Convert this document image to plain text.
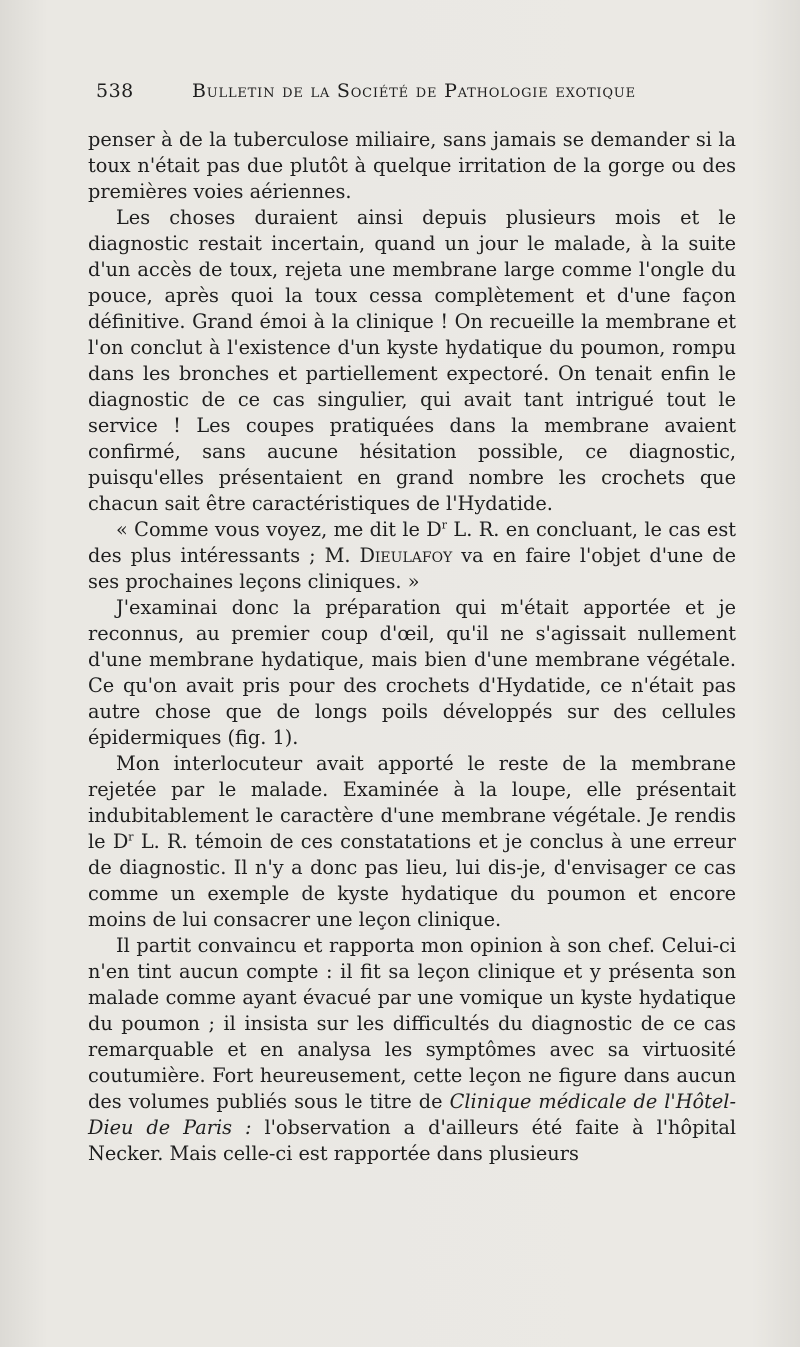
538	Bulletin de la Société de Pathologie exotique

penser à de la tuberculose miliaire, sans jamais se demander si la toux n'était pas due plutôt à quelque irritation de la gorge ou des premières voies aériennes.

Les choses duraient ainsi depuis plusieurs mois et le diagnostic restait incertain, quand un jour le malade, à la suite d'un accès de toux, rejeta une membrane large comme l'ongle du pouce, après quoi la toux cessa complètement et d'une façon définitive. Grand émoi à la clinique ! On recueille la membrane et l'on conclut à l'existence d'un kyste hydatique du poumon, rompu dans les bronches et partiellement expectoré. On tenait enfin le diagnostic de ce cas singulier, qui avait tant intrigué tout le service ! Les coupes pratiquées dans la membrane avaient confirmé, sans aucune hésitation possible, ce diagnostic, puisqu'elles présentaient en grand nombre les crochets que chacun sait être caractéristiques de l'Hydatide.

« Comme vous voyez, me dit le $D^r$ L. R. en concluant, le cas est des plus intéressants ; M. Dieulafoy va en faire l'objet d'une de ses prochaines leçons cliniques. »

J'examinai donc la préparation qui m'était apportée et je reconnus, au premier coup d'œil, qu'il ne s'agissait nullement d'une membrane hydatique, mais bien d'une membrane végétale. Ce qu'on avait pris pour des crochets d'Hydatide, ce n'était pas autre chose que de longs poils développés sur des cellules épidermiques (fig. 1).

Mon interlocuteur avait apporté le reste de la membrane rejetée par le malade. Examinée à la loupe, elle présentait indubitablement le caractère d'une membrane végétale. Je rendis le $D^r$ L. R. témoin de ces constatations et je conclus à une erreur de diagnostic. Il n'y a donc pas lieu, lui dis-je, d'envisager ce cas comme un exemple de kyste hydatique du poumon et encore moins de lui consacrer une leçon clinique.

Il partit convaincu et rapporta mon opinion à son chef. Celui-ci n'en tint aucun compte : il fit sa leçon clinique et y présenta son malade comme ayant évacué par une vomique un kyste hydatique du poumon ; il insista sur les difficultés du diagnostic de ce cas remarquable et en analysa les symptômes avec sa virtuosité coutumière. Fort heureusement, cette leçon ne figure dans aucun des volumes publiés sous le titre de Clinique médicale de l'Hôtel-Dieu de Paris : l'observation a d'ailleurs été faite à l'hôpital Necker. Mais celle-ci est rapportée dans plusieurs
